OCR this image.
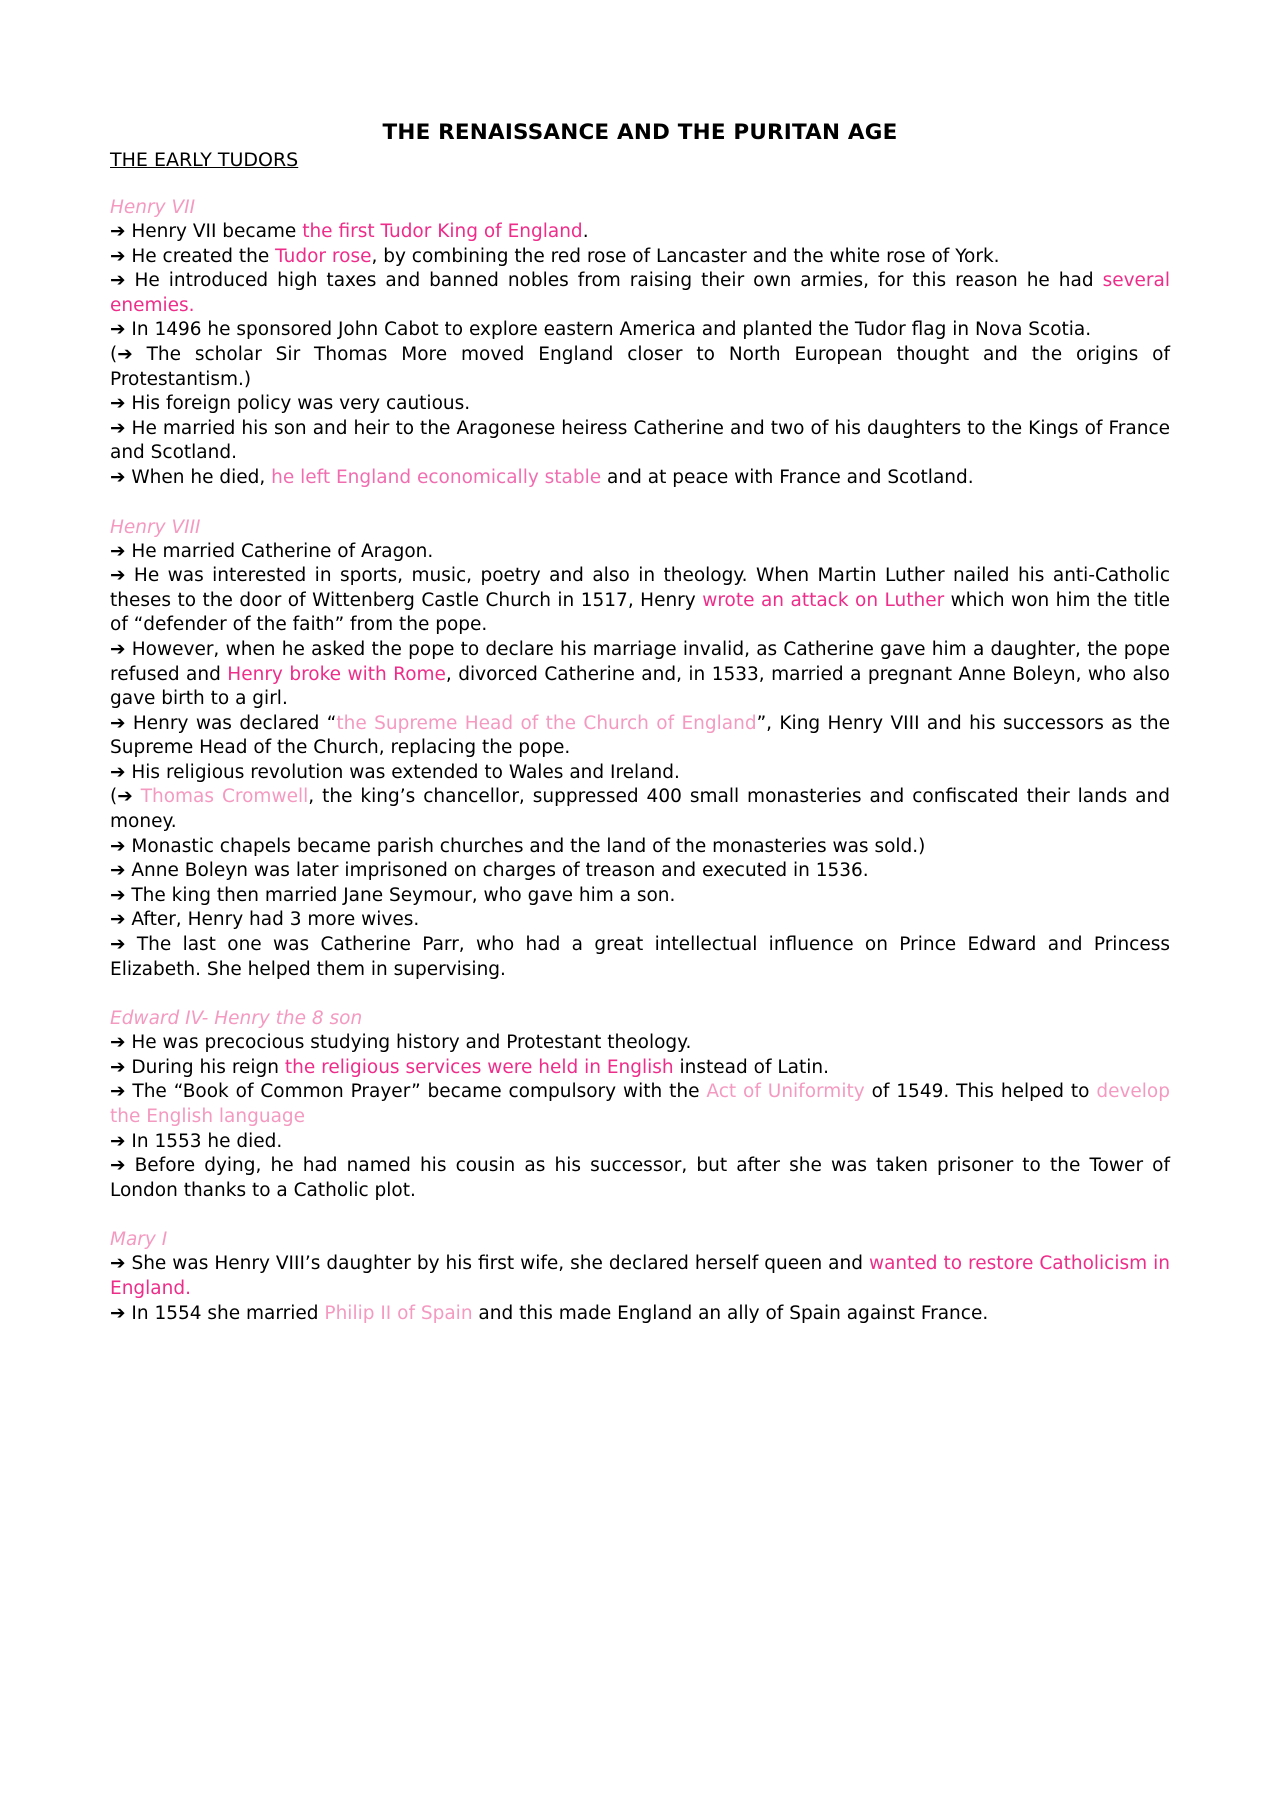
THE RENAISSANCE AND THE PURITAN AGE
THE EARLY TUDORS
Henry VII

➔ Henry VII became the first Tudor King of England.

➔ He created the Tudor rose, by combining the red rose of Lancaster and the white rose of York.

➔ He introduced high taxes and banned nobles from raising their own armies, for this reason he had several enemies.

➔ In 1496 he sponsored John Cabot to explore eastern America and planted the Tudor flag in Nova Scotia.

(➔ The scholar Sir Thomas More moved England closer to North European thought and the origins of Protestantism.)

➔ His foreign policy was very cautious.

➔ He married his son and heir to the Aragonese heiress Catherine and two of his daughters to the Kings of France and Scotland.

➔ When he died, he left England economically stable and at peace with France and Scotland.

Henry VIII

➔ He married Catherine of Aragon.

➔ He was interested in sports, music, poetry and also in theology. When Martin Luther nailed his anti-Catholic theses to the door of Wittenberg Castle Church in 1517, Henry wrote an attack on Luther which won him the title of “defender of the faith” from the pope.

➔ However, when he asked the pope to declare his marriage invalid, as Catherine gave him a daughter, the pope refused and Henry broke with Rome, divorced Catherine and, in 1533, married a pregnant Anne Boleyn, who also gave birth to a girl.

➔ Henry was declared “the Supreme Head of the Church of England”, King Henry VIII and his successors as the Supreme Head of the Church, replacing the pope.

➔ His religious revolution was extended to Wales and Ireland.

(➔ Thomas Cromwell, the king’s chancellor, suppressed 400 small monasteries and confiscated their lands and money.

➔ Monastic chapels became parish churches and the land of the monasteries was sold.)

➔ Anne Boleyn was later imprisoned on charges of treason and executed in 1536.

➔ The king then married Jane Seymour, who gave him a son.

➔ After, Henry had 3 more wives.

➔ The last one was Catherine Parr, who had a great intellectual influence on Prince Edward and Princess Elizabeth. She helped them in supervising.

Edward IV- Henry the 8 son

➔ He was precocious studying history and Protestant theology.

➔ During his reign the religious services were held in English instead of Latin.

➔ The “Book of Common Prayer” became compulsory with the Act of Uniformity of 1549. This helped to develop the English language

➔ In 1553 he died.

➔ Before dying, he had named his cousin as his successor, but after she was taken prisoner to the Tower of London thanks to a Catholic plot.

Mary I

➔ She was Henry VIII’s daughter by his first wife, she declared herself queen and wanted to restore Catholicism in England.

➔ In 1554 she married Philip II of Spain and this made England an ally of Spain against France.
